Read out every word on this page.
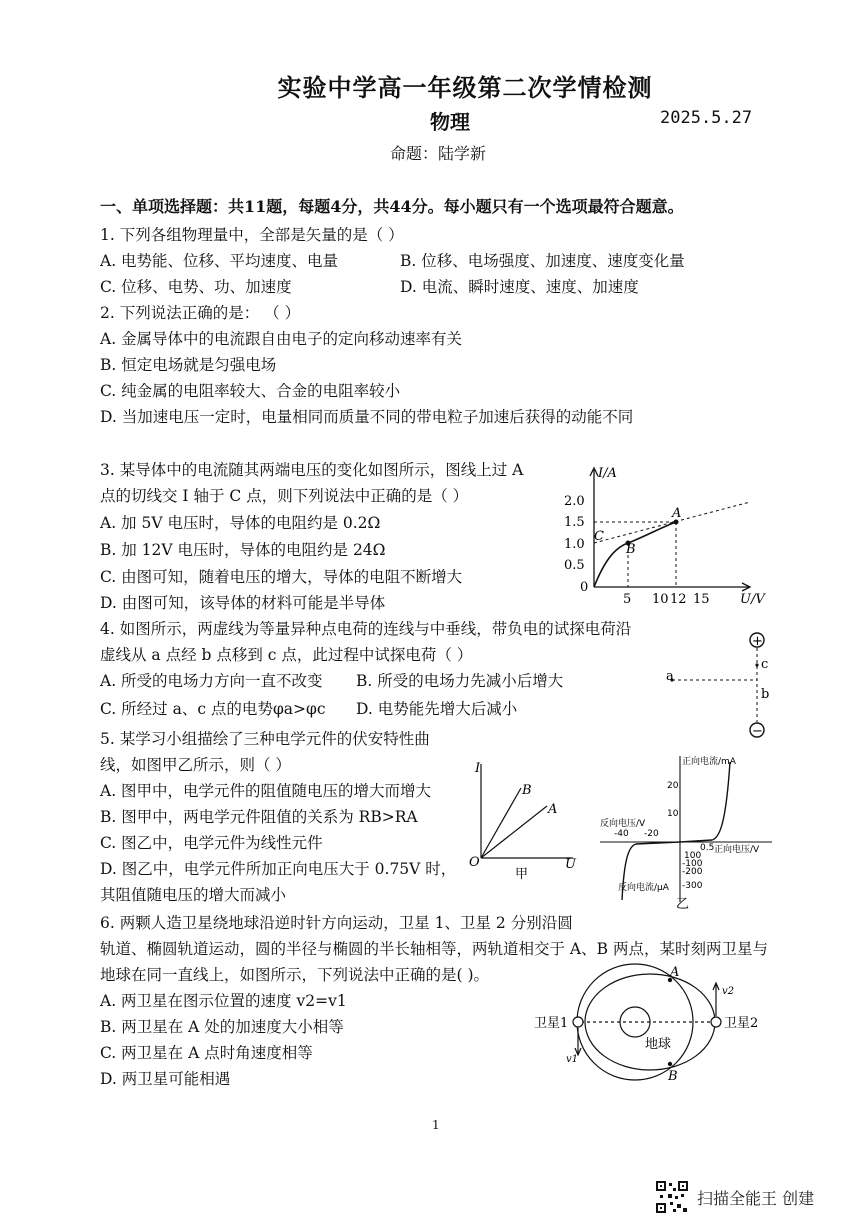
实验中学高一年级第二次学情检测
物理	2025.5.27
命题：陆学新
一、单项选择题：共11题，每题4分，共44分。每小题只有一个选项最符合题意。
1. 下列各组物理量中，全部是矢量的是（ ）
A. 电势能、位移、平均速度、电量	B. 位移、电场强度、加速度、速度变化量
C. 位移、电势、功、加速度	D. 电流、瞬时速度、速度、加速度
2. 下列说法正确的是： （ ）
A. 金属导体中的电流跟自由电子的定向移动速率有关
B. 恒定电场就是匀强电场
C. 纯金属的电阻率较大、合金的电阻率较小
D. 当加速电压一定时，电量相同而质量不同的带电粒子加速后获得的动能不同
3. 某导体中的电流随其两端电压的变化如图所示，图线上过 A
点的切线交 I 轴于 C 点，则下列说法中正确的是（ ）
A. 加 5V 电压时，导体的电阻约是 0.2Ω
B. 加 12V 电压时，导体的电阻约是 24Ω
C. 由图可知，随着电压的增大，导体的电阻不断增大
D. 由图可知，该导体的材料可能是半导体
I/A
U/V
2.0
1.5
1.0
0.5
0
5 10 12 15
A
B
C
4. 如图所示，两虚线为等量异种点电荷的连线与中垂线，带负电的试探电荷沿
虚线从 a 点经 b 点移到 c 点，此过程中试探电荷（ ）
A. 所受的电场力方向一直不改变 B. 所受的电场力先减小后增大
C. 所经过 a、c 点的电势φa>φc D. 电势能先增大后减小
+
−
a
b
c
5. 某学习小组描绘了三种电学元件的伏安特性曲
线，如图甲乙所示，则（ ）
A. 图甲中，电学元件的阻值随电压的增大而增大
B. 图甲中，两电学元件阻值的关系为 RB>RA
C. 图乙中，电学元件为线性元件
D. 图乙中，电学元件所加正向电压大于 0.75V 时，
其阻值随电压的增大而减小
I
O	U
B
A
甲
正向电流/mA
反向电压/V
正向电压/V
反向电流/μA
-40 -20
20
10
0.5
100
-200
-300
-100
乙
6. 两颗人造卫星绕地球沿逆时针方向运动，卫星 1、卫星 2 分别沿圆
轨道、椭圆轨道运动，圆的半径与椭圆的半长轴相等，两轨道相交于 A、B 两点，某时刻两卫星与
地球在同一直线上，如图所示，下列说法中正确的是( )。
A. 两卫星在图示位置的速度 v2=v1
B. 两卫星在 A 处的加速度大小相等
C. 两卫星在 A 点时角速度相等
D. 两卫星可能相遇
卫星1	卫星2
地球
A
B
v1
v2
1
扫描全能王 创建
